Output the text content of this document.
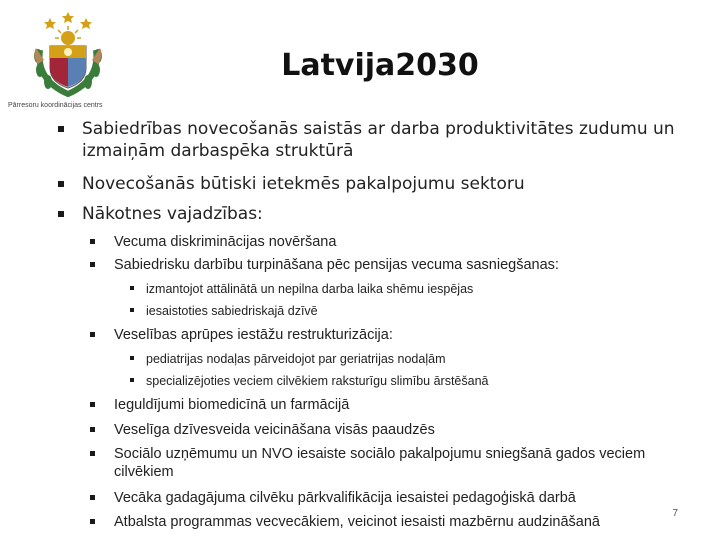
Pārresoru koordinācijas centrs
Latvija2030
Sabiedrības novecošanās saistās ar darba produktivitātes zudumu un izmaiņām darbaspēka struktūrā
Novecošanās būtiski ietekmēs pakalpojumu sektoru
Nākotnes vajadzības:
Vecuma diskriminācijas novēršana
Sabiedrisku darbību turpināšana pēc pensijas vecuma sasniegšanas:
Veselības aprūpes iestāžu restrukturizācija:
Ieguldījumi biomedicīnā un farmācijā
Veselīga dzīvesveida veicināšana visās paaudzēs
Sociālo uzņēmumu un NVO iesaiste sociālo pakalpojumu sniegšanā gados veciem cilvēkiem
Vecāka gadagājuma cilvēku pārkvalifikācija iesaistei pedagoģiskā darbā
Atbalsta programmas vecvecākiem, veicinot iesaisti mazbērnu audzināšanā
izmantojot attālinātā un nepilna darba laika shēmu iespējas
iesaistoties sabiedriskajā dzīvē
pediatrijas nodaļas pārveidojot par geriatrijas nodaļām
specializējoties veciem cilvēkiem raksturīgu slimību ārstēšanā
7
